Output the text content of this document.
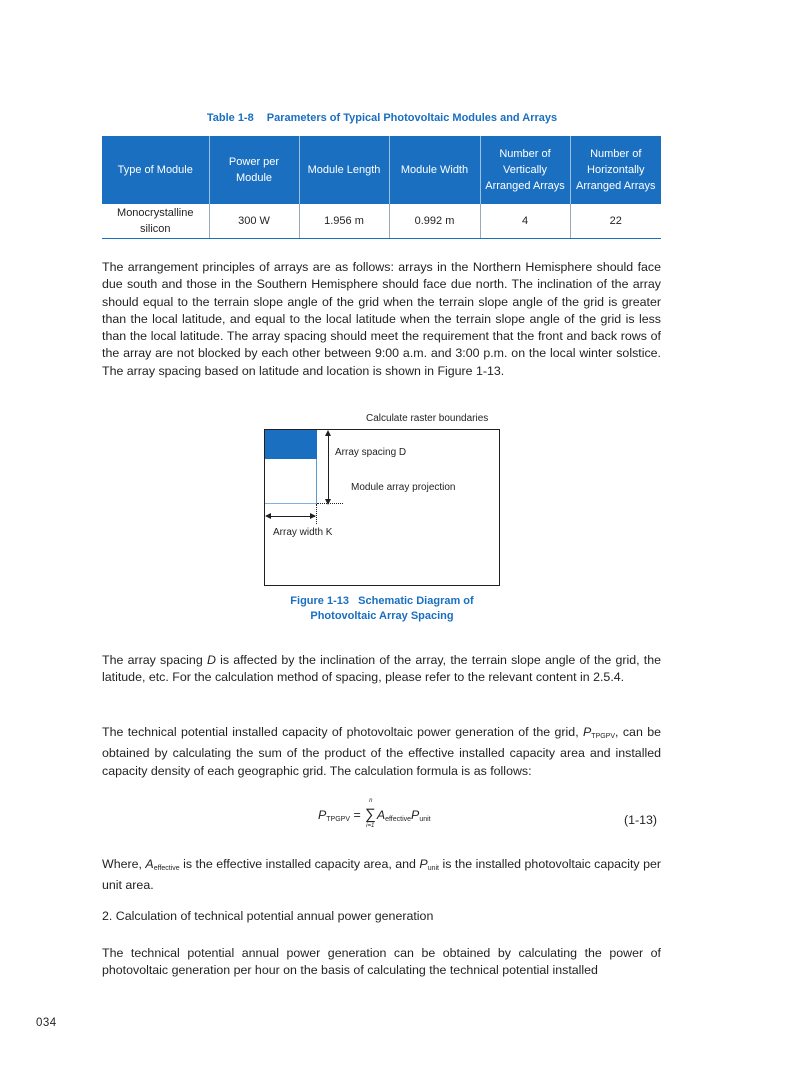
Table 1-8 Parameters of Typical Photovoltaic Modules and Arrays
Type of Module	Power per Module	Module Length	Module Width	Number of Vertically Arranged Arrays	Number of Horizontally Arranged Arrays
Monocrystalline silicon	300 W	1.956 m	0.992 m	4	22

The arrangement principles of arrays are as follows: arrays in the Northern Hemisphere should face due south and those in the Southern Hemisphere should face due north. The inclination of the array should equal to the terrain slope angle of the grid when the terrain slope angle of the grid is greater than the local latitude, and equal to the local latitude when the terrain slope angle of the grid is less than the local latitude. The array spacing should meet the requirement that the front and back rows of the array are not blocked by each other between 9:00 a.m. and 3:00 p.m. on the local winter solstice. The array spacing based on latitude and location is shown in Figure 1-13.

Calculate raster boundaries
Array spacing D
Module array projection
Array width K
Figure 1-13   Schematic Diagram of
Photovoltaic Array Spacing

The array spacing D is affected by the inclination of the array, the terrain slope angle of the grid, the latitude, etc. For the calculation method of spacing, please refer to the relevant content in 2.5.4.

The technical potential installed capacity of photovoltaic power generation of the grid, $P_{TPGPV}$, can be obtained by calculating the sum of the product of the effective installed capacity area and installed capacity density of each geographic grid. The calculation formula is as follows:

$P_{TPGPV}$ = ∑
n
i=1
$A_{effective}P_{unit}$	(1-13)

Where, $A_{effective}$ is the effective installed capacity area, and $P_{unit}$ is the installed photovoltaic capacity per unit area.

2. Calculation of technical potential annual power generation

The technical potential annual power generation can be obtained by calculating the power of photovoltaic generation per hour on the basis of calculating the technical potential installed

034
